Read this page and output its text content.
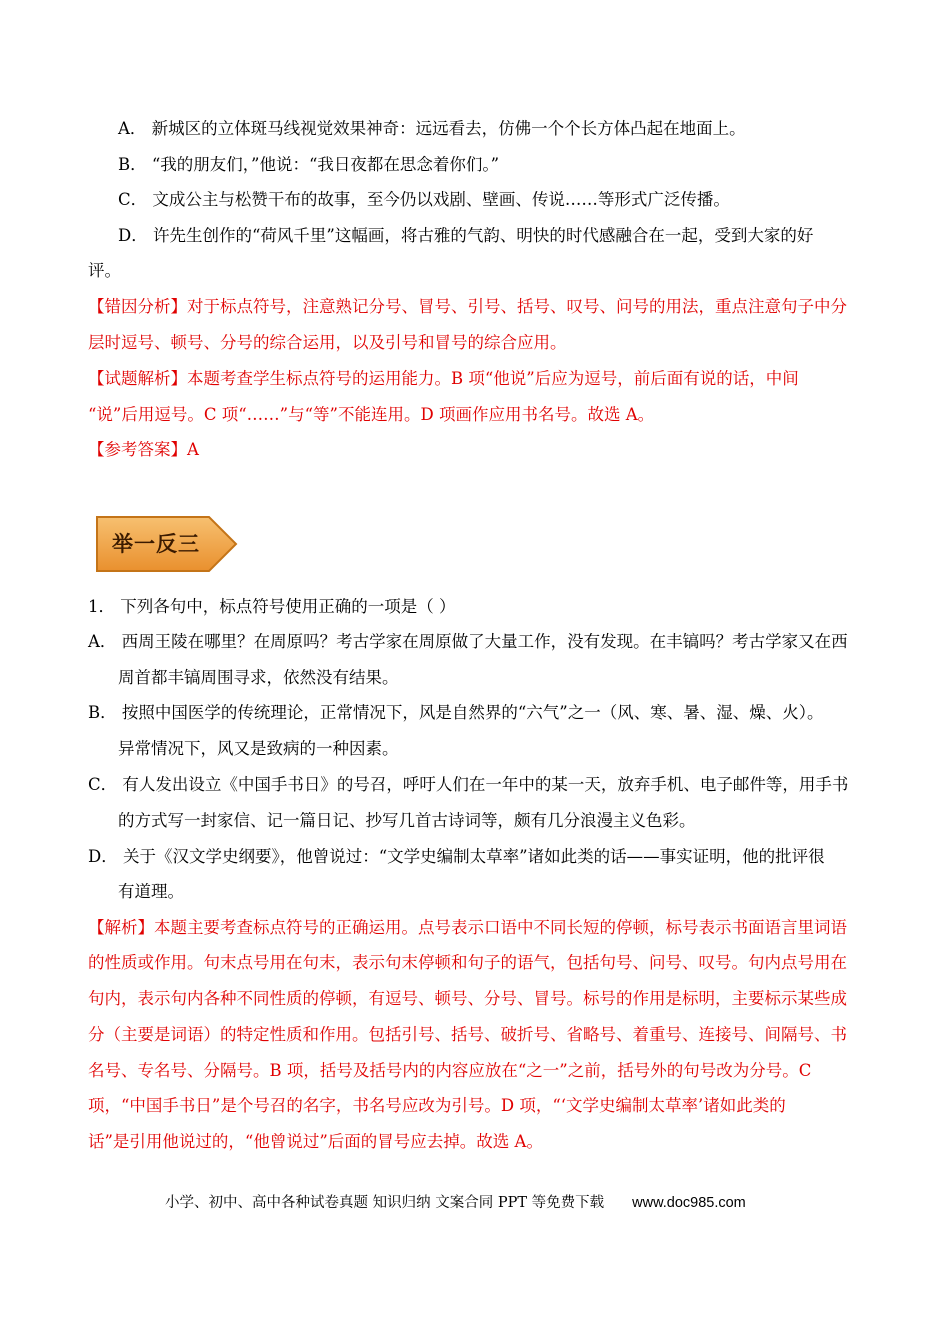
A． 新城区的立体斑马线视觉效果神奇：远远看去，仿佛一个个长方体凸起在地面上。
B． “我的朋友们，”他说：“我日夜都在思念着你们。”
C． 文成公主与松赞干布的故事，至今仍以戏剧、壁画、传说……等形式广泛传播。
D． 许先生创作的“荷风千里”这幅画，将古雅的气韵、明快的时代感融合在一起，受到大家的好
评。
【错因分析】对于标点符号，注意熟记分号、冒号、引号、括号、叹号、问号的用法，重点注意句子中分
层时逗号、顿号、分号的综合运用，以及引号和冒号的综合应用。
【试题解析】本题考查学生标点符号的运用能力。B 项“他说”后应为逗号，前后面有说的话，中间
“说”后用逗号。C 项“……”与“等”不能连用。D 项画作应用书名号。故选 A。
【参考答案】A
举一反三
1． 下列各句中，标点符号使用正确的一项是（ ）
A． 西周王陵在哪里？在周原吗？考古学家在周原做了大量工作，没有发现。在丰镐吗？考古学家又在西
周首都丰镐周围寻求，依然没有结果。
B． 按照中国医学的传统理论，正常情况下，风是自然界的“六气”之一（风、寒、暑、湿、燥、火）。
异常情况下，风又是致病的一种因素。
C． 有人发出设立《中国手书日》的号召，呼吁人们在一年中的某一天，放弃手机、电子邮件等，用手书
的方式写一封家信、记一篇日记、抄写几首古诗词等，颇有几分浪漫主义色彩。
D． 关于《汉文学史纲要》，他曾说过：“文学史编制太草率”诸如此类的话——事实证明，他的批评很
有道理。
【解析】本题主要考查标点符号的正确运用。点号表示口语中不同长短的停顿，标号表示书面语言里词语
的性质或作用。句末点号用在句末，表示句末停顿和句子的语气，包括句号、问号、叹号。句内点号用在
句内，表示句内各种不同性质的停顿，有逗号、顿号、分号、冒号。标号的作用是标明，主要标示某些成
分（主要是词语）的特定性质和作用。包括引号、括号、破折号、省略号、着重号、连接号、间隔号、书
名号、专名号、分隔号。B 项，括号及括号内的内容应放在“之一”之前，括号外的句号改为分号。C
项，“中国手书日”是个号召的名字，书名号应改为引号。D 项，“‘文学史编制太草率’诸如此类的
话”是引用他说过的，“他曾说过”后面的冒号应去掉。故选 A。
小学、初中、高中各种试卷真题 知识归纳 文案合同 PPT 等免费下载 www.doc985.com
